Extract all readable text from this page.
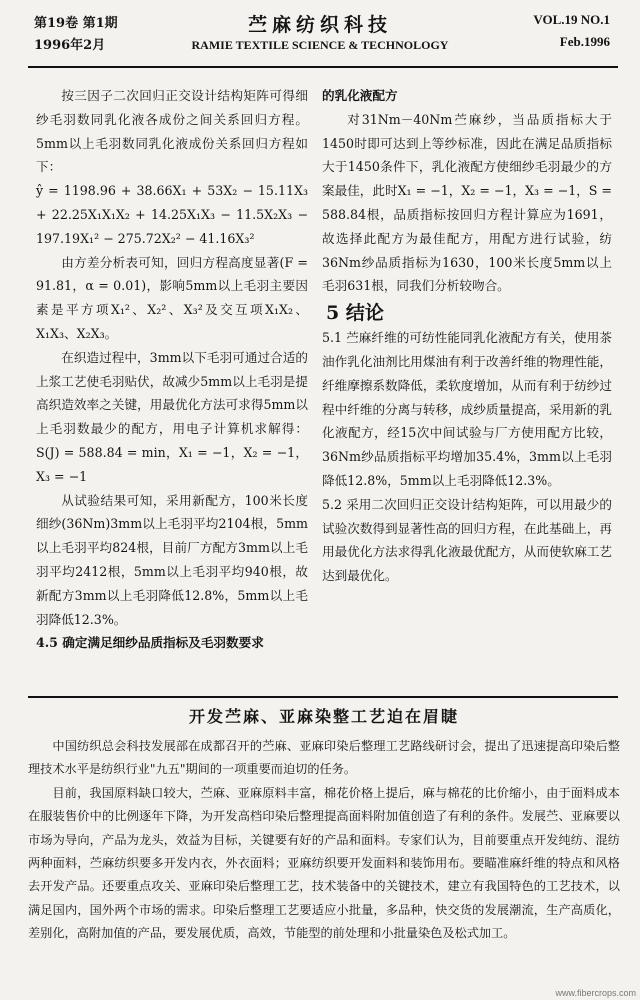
第19卷 第1期
1996年2月
苎麻纺织科技
RAMIE TEXTILE SCIENCE & TECHNOLOGY
VOL.19 NO.1
Feb.1996

按三因子二次回归正交设计结构矩阵可得细纱毛羽数同乳化液各成份之间关系回归方程。5mm以上毛羽数同乳化液成份关系回归方程如下：

ŷ = 1198.96 + 38.66X₁ + 53X₂ − 15.11X₃ + 22.25X₁X₁X₂ + 14.25X₁X₃ − 11.5X₂X₃ − 197.19X₁² − 275.72X₂² − 41.16X₃²

由方差分析表可知，回归方程高度显著(F = 91.81，α = 0.01)，影响5mm以上毛羽主要因素是平方项X₁²、X₂²、X₃²及交互项X₁X₂、X₁X₃、X₂X₃。

在织造过程中，3mm以下毛羽可通过合适的上浆工艺使毛羽贴伏，故减少5mm以上毛羽是提高织造效率之关键，用最优化方法可求得5mm以上毛羽数最少的配方，用电子计算机求解得：S(J) = 588.84 = min，X₁ = −1，X₂ = −1，X₃ = −1

从试验结果可知，采用新配方，100米长度细纱(36Nm)3mm以上毛羽平均2104根，5mm以上毛羽平均824根，目前厂方配方3mm以上毛羽平均2412根，5mm以上毛羽平均940根，故新配方3mm以上毛羽降低12.8%，5mm以上毛羽降低12.3%。

4.5 确定满足细纱品质指标及毛羽数要求

的乳化液配方

对31Nm－40Nm苎麻纱，当品质指标大于1450时即可达到上等纱标准，因此在满足品质指标大于1450条件下，乳化液配方使细纱毛羽最少的方案最佳，此时X₁ = −1，X₂ = −1，X₃ = −1，S = 588.84根，品质指标按回归方程计算应为1691，故选择此配方为最佳配方，用配方进行试验，纺36Nm纱品质指标为1630，100米长度5mm以上毛羽631根，同我们分析较吻合。

5 结论

5.1 苎麻纤维的可纺性能同乳化液配方有关，使用茶油作乳化油剂比用煤油有利于改善纤维的物理性能，纤维摩擦系数降低，柔软度增加，从而有利于纺纱过程中纤维的分离与转移，成纱质量提高，采用新的乳化液配方，经15次中间试验与厂方使用配方比较，36Nm纱品质指标平均增加35.4%，3mm以上毛羽降低12.8%，5mm以上毛羽降低12.3%。

5.2 采用二次回归正交设计结构矩阵，可以用最少的试验次数得到显著性高的回归方程，在此基础上，再用最优化方法求得乳化液最优配方，从而使软麻工艺达到最优化。

开发苎麻、亚麻染整工艺迫在眉睫

中国纺织总会科技发展部在成都召开的苎麻、亚麻印染后整理工艺路线研讨会，提出了迅速提高印染后整理技术水平是纺织行业"九五"期间的一项重要而迫切的任务。

目前，我国原料缺口较大，苎麻、亚麻原料丰富，棉花价格上提后，麻与棉花的比价缩小，由于面料成本在服装售价中的比例逐年下降，为开发高档印染后整理提高面料附加值创造了有利的条件。发展苎、亚麻要以市场为导向，产品为龙头，效益为目标，关键要有好的产品和面料。专家们认为，目前要重点开发纯纺、混纺两种面料，苎麻纺织要多开发内衣，外衣面料；亚麻纺织要开发面料和装饰用布。要瞄准麻纤维的特点和风格去开发产品。还要重点攻关、亚麻印染后整理工艺，技术装备中的关键技术，建立有我国特色的工艺技术，以满足国内，国外两个市场的需求。印染后整理工艺要适应小批量，多品种，快交货的发展潮流，生产高质化，差别化，高附加值的产品，要发展优质，高效，节能型的前处理和小批量染色及松式加工。

www.fibercrops.com
